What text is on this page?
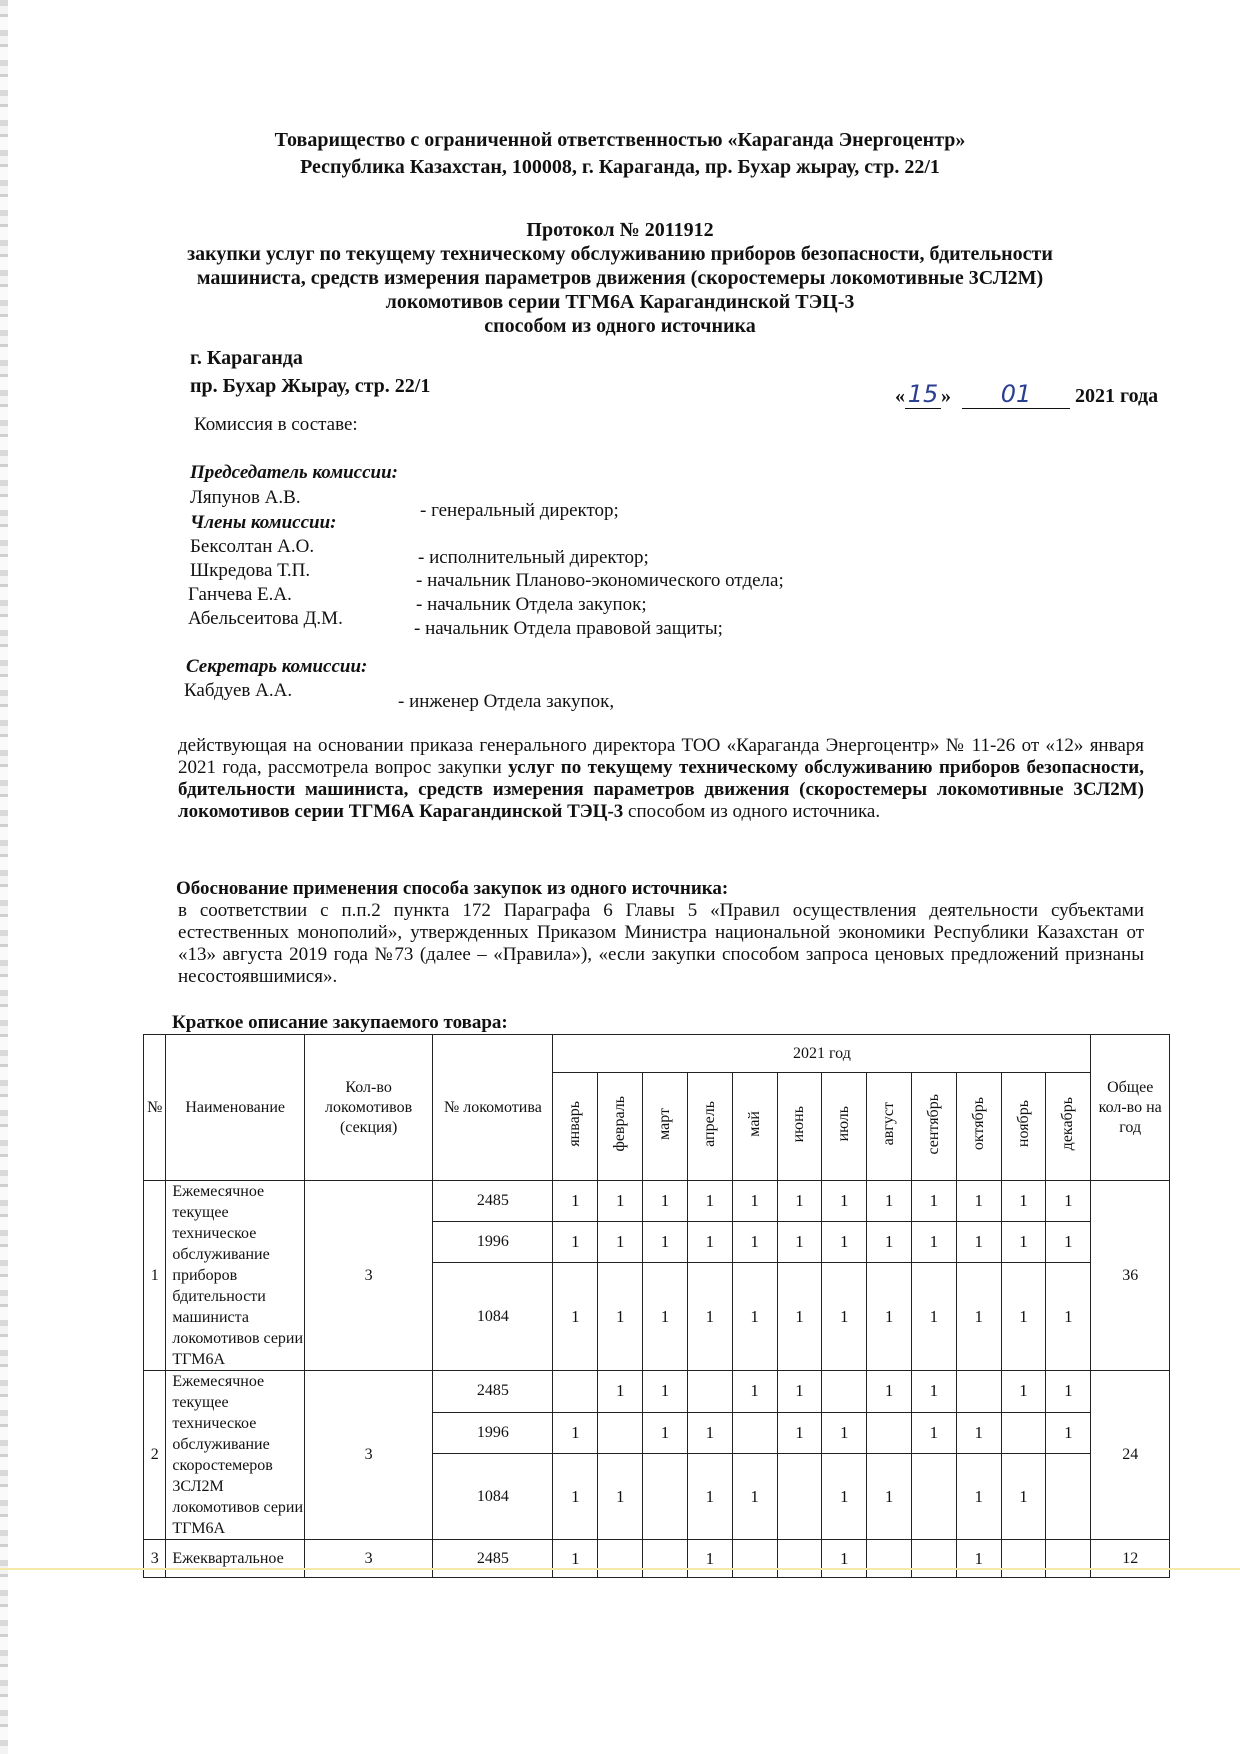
Товарищество с ограниченной ответственностью «Караганда Энергоцентр»
Республика Казахстан, 100008, г. Караганда, пр. Бухар жырау, стр. 22/1
Протокол № 2011912
закупки услуг по текущему техническому обслуживанию приборов безопасности, бдительности
машиниста, средств измерения параметров движения (скоростемеры локомотивные 3СЛ2М)
локомотивов серии ТГМ6А Карагандинской ТЭЦ-3
способом из одного источника
г. Караганда
пр. Бухар Жырау, стр. 22/1	« 15 » 01 2021 года
Комиссия в составе:
Председатель комиссии:
Ляпунов А.В.
- генеральный директор;
Члены комиссии:
Бексолтан А.О.
- исполнительный директор;
Шкредова Т.П.	- начальник Планово-экономического отдела;
Ганчева Е.А.	- начальник Отдела закупок;
Абельсеитова Д.М.	- начальник Отдела правовой защиты;
Секретарь комиссии:
Кабдуев А.А.
- инженер Отдела закупок,
действующая на основании приказа генерального директора ТОО «Караганда Энергоцентр» № 11-26 от «12» января 2021 года, рассмотрела вопрос закупки услуг по текущему техническому обслуживанию приборов безопасности, бдительности машиниста, средств измерения параметров движения (скоростемеры локомотивные 3СЛ2М) локомотивов серии ТГМ6А Карагандинской ТЭЦ-3 способом из одного источника.
Обоснование применения способа закупок из одного источника:
в соответствии с п.п.2 пункта 172 Параграфа 6 Главы 5 «Правил осуществления деятельности субъектами естественных монополий», утвержденных Приказом Министра национальной экономики Республики Казахстан от «13» августа 2019 года №73 (далее – «Правила»), «если закупки способом запроса ценовых предложений признаны несостоявшимися».
Краткое описание закупаемого товара:
№	Наименование	Кол-во локомотивов (секция)	№ локомотива	2021 год												Общее кол-во на год
				январь	февраль	март	апрель	май	июнь	июль	август	сентябрь	октябрь	ноябрь	декабрь	
1	Ежемесячное текущее техническое обслуживание приборов бдительности машиниста локомотивов серии ТГМ6А	3	2485	1	1	1	1	1	1	1	1	1	1	1	1	36
			1996	1	1	1	1	1	1	1	1	1	1	1	1	
			1084	1	1	1	1	1	1	1	1	1	1	1	1	
2	Ежемесячное текущее техническое обслуживание скоростемеров 3СЛ2М локомотивов серии ТГМ6А	3	2485		1	1		1	1		1	1		1	1	24
			1996	1		1	1		1	1		1	1		1	
			1084	1	1		1	1		1	1		1	1		
3	Ежеквартальное	3	2485	1			1			1			1			12
